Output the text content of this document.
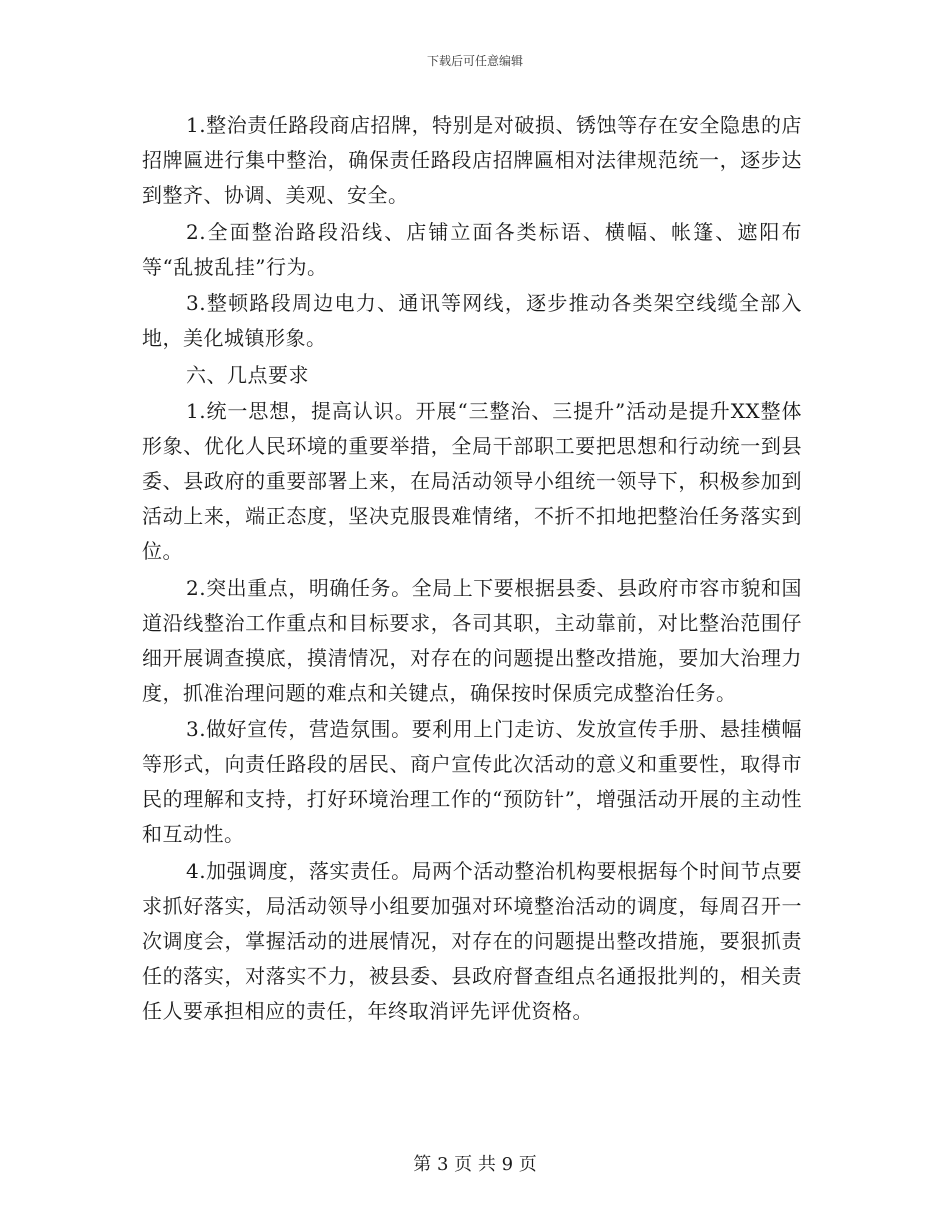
下载后可任意编辑

1.整治责任路段商店招牌，特别是对破损、锈蚀等存在安全隐患的店招牌匾进行集中整治，确保责任路段店招牌匾相对法律规范统一，逐步达到整齐、协调、美观、安全。

2.全面整治路段沿线、店铺立面各类标语、横幅、帐篷、遮阳布等“乱披乱挂”行为。

3.整顿路段周边电力、通讯等网线，逐步推动各类架空线缆全部入地，美化城镇形象。

六、几点要求

1.统一思想，提高认识。开展“三整治、三提升”活动是提升XX整体形象、优化人民环境的重要举措，全局干部职工要把思想和行动统一到县委、县政府的重要部署上来，在局活动领导小组统一领导下，积极参加到活动上来，端正态度，坚决克服畏难情绪，不折不扣地把整治任务落实到位。

2.突出重点，明确任务。全局上下要根据县委、县政府市容市貌和国道沿线整治工作重点和目标要求，各司其职，主动靠前，对比整治范围仔细开展调查摸底，摸清情况，对存在的问题提出整改措施，要加大治理力度，抓准治理问题的难点和关键点，确保按时保质完成整治任务。

3.做好宣传，营造氛围。要利用上门走访、发放宣传手册、悬挂横幅等形式，向责任路段的居民、商户宣传此次活动的意义和重要性，取得市民的理解和支持，打好环境治理工作的“预防针”，增强活动开展的主动性和互动性。

4.加强调度，落实责任。局两个活动整治机构要根据每个时间节点要求抓好落实，局活动领导小组要加强对环境整治活动的调度，每周召开一次调度会，掌握活动的进展情况，对存在的问题提出整改措施，要狠抓责任的落实，对落实不力，被县委、县政府督查组点名通报批判的，相关责任人要承担相应的责任，年终取消评先评优资格。

第 3 页 共 9 页
